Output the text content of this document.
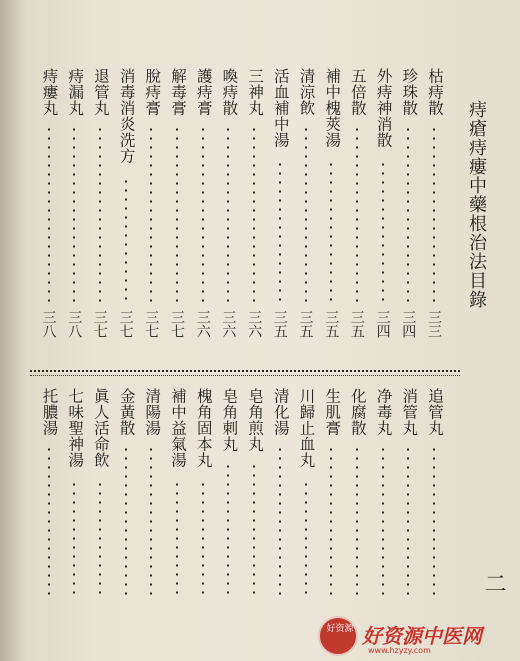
痔瘡痔瘻中藥根治法目錄
枯痔散
三三
珍珠散
三四
外痔神消散
三四
五倍散
三五
補中槐莢湯
三五
清涼飲
三五
活血補中湯
三五
三神丸
三六
喚痔散
三六
護痔膏
三六
解毒膏
三七
脫痔膏
三七
消毒消炎洗方
三七
退管丸
三七
痔漏丸
三八
痔瘻丸
三八
追管丸
消管丸
净毒丸
化腐散
生肌膏
川歸止血丸
清化湯
皂角煎丸
皂角刺丸
槐角固本丸
補中益氣湯
清陽湯
金黃散
眞人活命飲
七味聖神湯
托膿湯
二
好资源 好资源中医网
www.hzyzy.com
